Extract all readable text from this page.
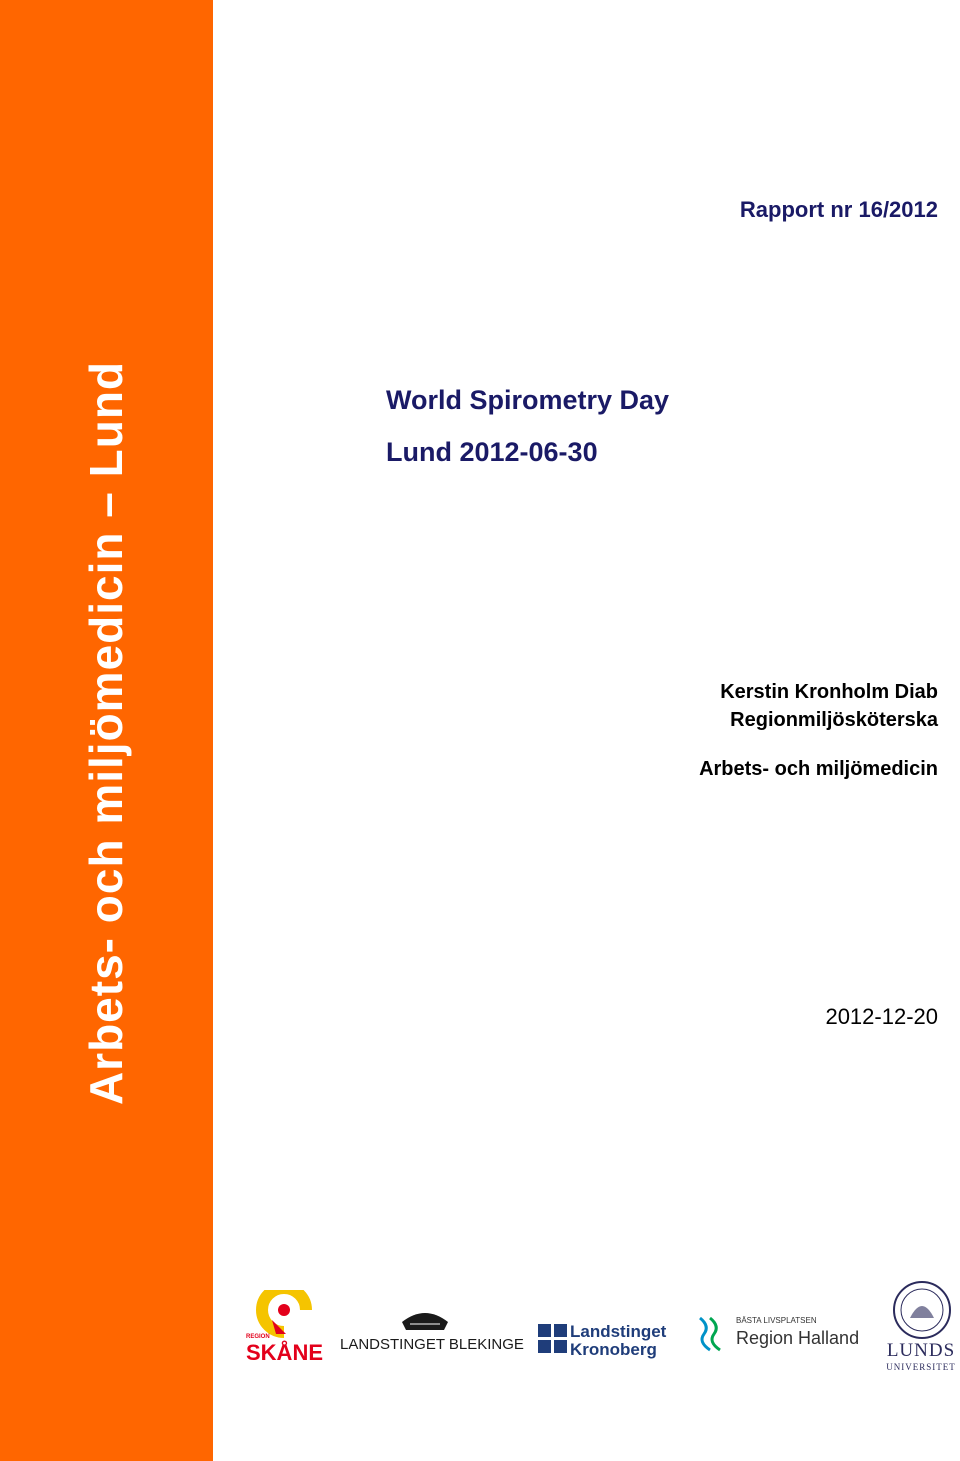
Arbets- och miljömedicin – Lund
Rapport nr 16/2012
World Spirometry Day
Lund 2012-06-30
Kerstin Kronholm Diab
Regionmiljösköterska
Arbets- och miljömedicin
2012-12-20
REGION
SKÅNE LANDSTINGET BLEKINGE
Landstinget
Kronoberg
BÄSTA LIVSPLATSEN
Region Halland
LUNDS
UNIVERSITET
